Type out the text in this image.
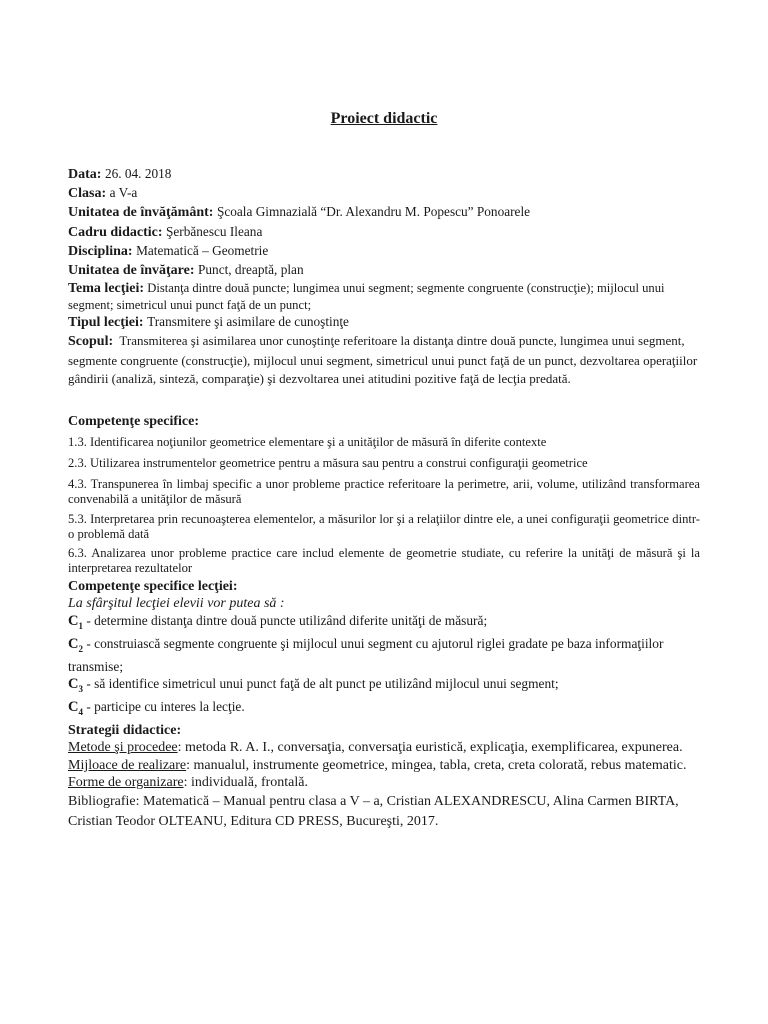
Proiect didactic
Data: 26. 04. 2018
Clasa: a V-a
Unitatea de învăţământ: Şcoala Gimnazială “Dr. Alexandru M. Popescu” Ponoarele
Cadru didactic: Şerbănescu Ileana
Disciplina: Matematică – Geometrie
Unitatea de învăţare: Punct, dreaptă, plan
Tema lecţiei: Distanţa dintre două puncte; lungimea unui segment; segmente congruente (construcţie); mijlocul unui segment; simetricul unui punct faţă de un punct;
Tipul lecţiei: Transmitere şi asimilare de cunoştinţe
Scopul: Transmiterea şi asimilarea unor cunoştinţe referitoare la distanţa dintre două puncte, lungimea unui segment, segmente congruente (construcţie), mijlocul unui segment, simetricul unui punct faţă de un punct, dezvoltarea operaţiilor gândirii (analiză, sinteză, comparaţie) şi dezvoltarea unei atitudini pozitive faţă de lecţia predată.
Competenţe specifice:
1.3. Identificarea noţiunilor geometrice elementare şi a unităţilor de măsură în diferite contexte
2.3. Utilizarea instrumentelor geometrice pentru a măsura sau pentru a construi configuraţii geometrice
4.3. Transpunerea în limbaj specific a unor probleme practice referitoare la perimetre, arii, volume, utilizând transformarea convenabilă a unităţilor de măsură
5.3. Interpretarea prin recunoaşterea elementelor, a măsurilor lor şi a relaţiilor dintre ele, a unei configuraţii geometrice dintr-o problemă dată
6.3. Analizarea unor probleme practice care includ elemente de geometrie studiate, cu referire la unităţi de măsură şi la interpretarea rezultatelor
Competenţe specifice lecţiei:
La sfârşitul lecţiei elevii vor putea să :
$C_1$ - determine distanţa dintre două puncte utilizând diferite unităţi de măsură;
$C_2$ - construiască segmente congruente şi mijlocul unui segment cu ajutorul riglei gradate pe baza informaţiilor transmise;
$C_3$ - să identifice simetricul unui punct faţă de alt punct pe utilizând mijlocul unui segment;
$C_4$ - participe cu interes la lecţie.
Strategii didactice:
Metode şi procedee: metoda R. A. I., conversaţia, conversaţia euristică, explicaţia, exemplificarea, expunerea.
Mijloace de realizare: manualul, instrumente geometrice, mingea, tabla, creta, creta colorată, rebus matematic.
Forme de organizare: individuală, frontală.
Bibliografie: Matematică – Manual pentru clasa a V – a, Cristian ALEXANDRESCU, Alina Carmen BIRTA, Cristian Teodor OLTEANU, Editura CD PRESS, Bucureşti, 2017.
